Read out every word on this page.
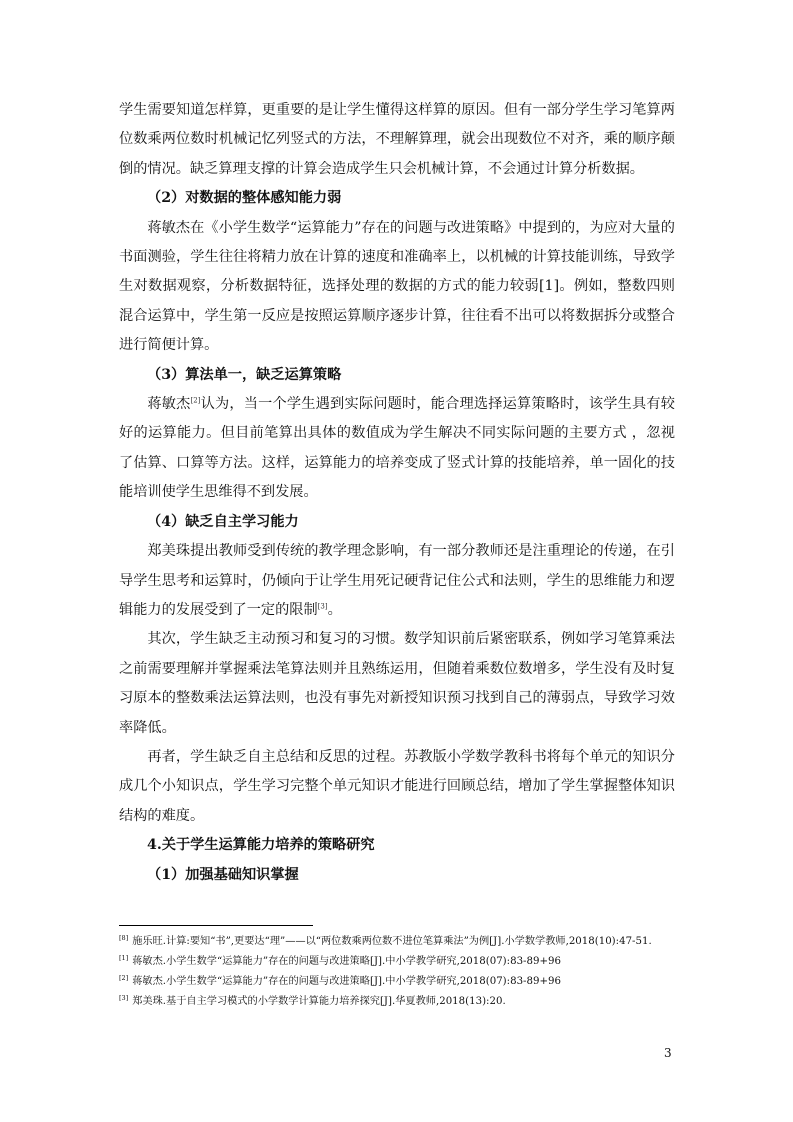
学生需要知道怎样算，更重要的是让学生懂得这样算的原因。但有一部分学生学习笔算两位数乘两位数时机械记忆列竖式的方法，不理解算理，就会出现数位不对齐，乘的顺序颠倒的情况。缺乏算理支撑的计算会造成学生只会机械计算，不会通过计算分析数据。

（2）对数据的整体感知能力弱

蒋敏杰在《小学生数学“运算能力”存在的问题与改进策略》中提到的，为应对大量的书面测验，学生往往将精力放在计算的速度和准确率上，以机械的计算技能训练，导致学生对数据观察，分析数据特征，选择处理的数据的方式的能力较弱[1]。例如，整数四则混合运算中，学生第一反应是按照运算顺序逐步计算，往往看不出可以将数据拆分或整合进行简便计算。

（3）算法单一，缺乏运算策略

蒋敏杰[2]认为，当一个学生遇到实际问题时，能合理选择运算策略时，该学生具有较好的运算能力。但目前笔算出具体的数值成为学生解决不同实际问题的主要方式 ，忽视了估算、口算等方法。这样，运算能力的培养变成了竖式计算的技能培养，单一固化的技能培训使学生思维得不到发展。

（4）缺乏自主学习能力

郑美珠提出教师受到传统的教学理念影响，有一部分教师还是注重理论的传递，在引导学生思考和运算时，仍倾向于让学生用死记硬背记住公式和法则，学生的思维能力和逻辑能力的发展受到了一定的限制[3]。

其次，学生缺乏主动预习和复习的习惯。数学知识前后紧密联系，例如学习笔算乘法之前需要理解并掌握乘法笔算法则并且熟练运用，但随着乘数位数增多，学生没有及时复习原本的整数乘法运算法则，也没有事先对新授知识预习找到自己的薄弱点，导致学习效率降低。

再者，学生缺乏自主总结和反思的过程。苏教版小学数学教科书将每个单元的知识分成几个小知识点，学生学习完整个单元知识才能进行回顾总结，增加了学生掌握整体知识结构的难度。

4.关于学生运算能力培养的策略研究

（1）加强基础知识掌握

[8] 施乐旺.计算:要知“书”,更要达“理”——以“两位数乘两位数不进位笔算乘法”为例[J].小学数学教师,2018(10):47-51.

[1] 蒋敏杰.小学生数学“运算能力”存在的问题与改进策略[J].中小学教学研究,2018(07):83-89+96

[2] 蒋敏杰.小学生数学“运算能力”存在的问题与改进策略[J].中小学教学研究,2018(07):83-89+96

[3] 郑美珠.基于自主学习模式的小学数学计算能力培养探究[J].华夏教师,2018(13):20.

3
